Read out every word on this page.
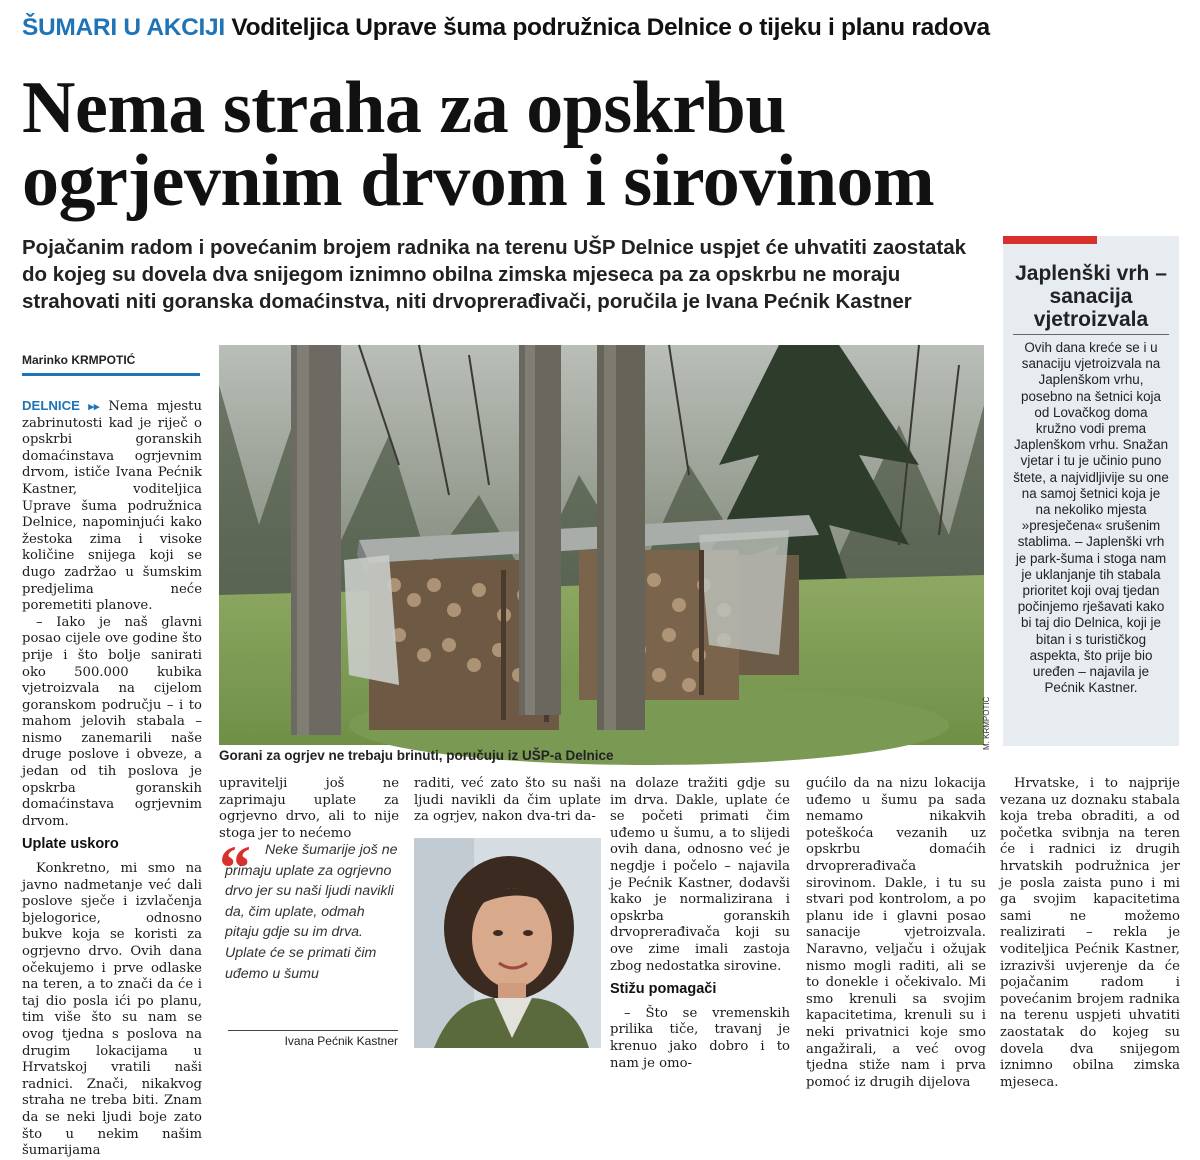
ŠUMARI U AKCIJI Voditeljica Uprave šuma podružnica Delnice o tijeku i planu radova
Nema straha za opskrbu
ogrjevnim drvom i sirovinom
Pojačanim radom i povećanim brojem radnika na terenu UŠP Delnice uspjet će uhvatiti zaostatak do kojeg su dovela dva snijegom iznimno obilna zimska mjeseca pa za opskrbu ne moraju strahovati niti goranska domaćinstva, niti drvoprerađivači, poručila je Ivana Pećnik Kastner
Marinko KRMPOTIĆ

DELNICE ▸▸ Nema mjestu zabrinutosti kad je riječ o opskrbi goranskih domaćinstava ogrjevnim drvom, ističe Ivana Pećnik Kastner, voditeljica Uprave šuma podružnica Delnice, napominjući kako žestoka zima i visoke količine snijega koji se dugo zadržao u šumskim predjelima neće poremetiti planove.

– Iako je naš glavni posao cijele ove godine što prije i što bolje sanirati oko 500.000 kubika vjetroizvala na cijelom goranskom području – i to mahom jelovih stabala – nismo zanemarili naše druge poslove i obveze, a jedan od tih poslova je opskrba goranskih domaćinstava ogrjevnim drvom.

Uplate uskoro

Konkretno, mi smo na javno nadmetanje već dali poslove sječe i izvlačenja bjelogorice, odnosno bukve koja se koristi za ogrjevno drvo. Ovih dana očekujemo i prve odlaske na teren, a to znači da će i taj dio posla ići po planu, tim više što su nam se ovog tjedna s poslova na drugim lokacijama u Hrvatskoj vratili naši radnici. Znači, nikakvog straha ne treba biti. Znam da se neki ljudi boje zato što u nekim našim šumarijama

M. KRMPOTIĆ
Gorani za ogrjev ne trebaju brinuti, poručuju iz UŠP-a Delnice
Japlenški vrh – sanacija vjetroizvala
Ovih dana kreće se i u sanaciju vjetroizvala na Japlenškom vrhu, posebno na šetnici koja od Lovačkog doma kružno vodi prema Japlenškom vrhu. Snažan vjetar i tu je učinio puno štete, a najvidljivije su one na samoj šetnici koja je na nekoliko mjesta »presječena« srušenim stablima. – Japlenški vrh je park-šuma i stoga nam je uklanjanje tih stabala prioritet koji ovaj tjedan počinjemo rješavati kako bi taj dio Delnica, koji je bitan i s turističkog aspekta, što prije bio uređen – najavila je Pećnik Kastner.

upravitelji još ne zaprimaju uplate za ogrjevno drvo, ali to nije stoga jer to nećemo

“ Neke šumarije još ne primaju uplate za ogrjevno drvo jer su naši ljudi navikli da, čim uplate, odmah pitaju gdje su im drva. Uplate će se primati čim uđemo u šumu
Ivana Pećnik Kastner

raditi, već zato što su naši ljudi navikli da čim uplate za ogrjev, nakon dva-tri da-

na dolaze tražiti gdje su im drva. Dakle, uplate će se početi primati čim uđemo u šumu, a to slijedi ovih dana, odnosno već je negdje i počelo – najavila je Pećnik Kastner, dodavši kako je normalizirana i opskrba goranskih drvoprerađivača koji su ove zime imali zastoja zbog nedostatka sirovine.

Stižu pomagači

– Što se vremenskih prilika tiče, travanj je krenuo jako dobro i to nam je omo-

gućilo da na nizu lokacija uđemo u šumu pa sada nemamo nikakvih poteškoća vezanih uz opskrbu domaćih drvoprerađivača sirovinom. Dakle, i tu su stvari pod kontrolom, a po planu ide i glavni posao sanacije vjetroizvala. Naravno, veljaču i ožujak nismo mogli raditi, ali se to donekle i očekivalo. Mi smo krenuli sa svojim kapacitetima, krenuli su i neki privatnici koje smo angažirali, a već ovog tjedna stiže nam i prva pomoć iz drugih dijelova

Hrvatske, i to najprije vezana uz doznaku stabala koja treba obraditi, a od početka svibnja na teren će i radnici iz drugih hrvatskih podružnica jer je posla zaista puno i mi ga svojim kapacitetima sami ne možemo realizirati – rekla je voditeljica Pećnik Kastner, izrazivši uvjerenje da će pojačanim radom i povećanim brojem radnika na terenu uspjeti uhvatiti zaostatak do kojeg su dovela dva snijegom iznimno obilna zimska mjeseca.
